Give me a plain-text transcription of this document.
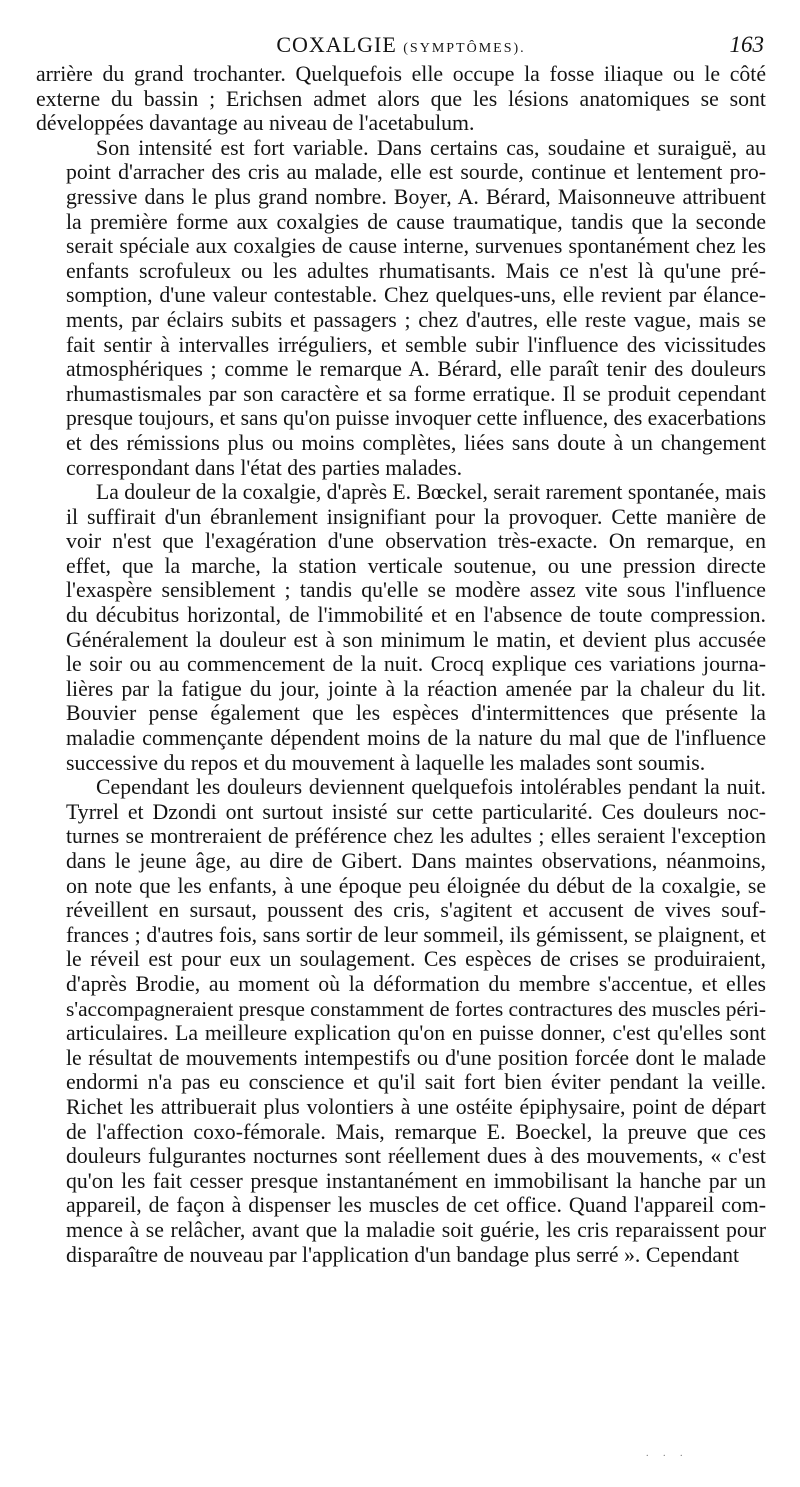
COXALGIE (SYMPTÔMES).	163
arrière du grand trochanter. Quelquefois elle occupe la fosse iliaque ou le côté
externe du bassin ; Erichsen admet alors que les lésions anatomiques se sont
développées davantage au niveau de l'acetabulum.
Son intensité est fort variable. Dans certains cas, soudaine et suraiguë, au
point d'arracher des cris au malade, elle est sourde, continue et lentement pro-
gressive dans le plus grand nombre. Boyer, A. Bérard, Maisonneuve attribuent
la première forme aux coxalgies de cause traumatique, tandis que la seconde
serait spéciale aux coxalgies de cause interne, survenues spontanément chez les
enfants scrofuleux ou les adultes rhumatisants. Mais ce n'est là qu'une pré-
somption, d'une valeur contestable. Chez quelques-uns, elle revient par élance-
ments, par éclairs subits et passagers ; chez d'autres, elle reste vague, mais se
fait sentir à intervalles irréguliers, et semble subir l'influence des vicissitudes
atmosphériques ; comme le remarque A. Bérard, elle paraît tenir des douleurs
rhumastismales par son caractère et sa forme erratique. Il se produit cependant
presque toujours, et sans qu'on puisse invoquer cette influence, des exacerbations
et des rémissions plus ou moins complètes, liées sans doute à un changement
correspondant dans l'état des parties malades.
La douleur de la coxalgie, d'après E. Bœckel, serait rarement spontanée, mais
il suffirait d'un ébranlement insignifiant pour la provoquer. Cette manière de
voir n'est que l'exagération d'une observation très-exacte. On remarque, en
effet, que la marche, la station verticale soutenue, ou une pression directe
l'exaspère sensiblement ; tandis qu'elle se modère assez vite sous l'influence
du décubitus horizontal, de l'immobilité et en l'absence de toute compression.
Généralement la douleur est à son minimum le matin, et devient plus accusée
le soir ou au commencement de la nuit. Crocq explique ces variations journa-
lières par la fatigue du jour, jointe à la réaction amenée par la chaleur du lit.
Bouvier pense également que les espèces d'intermittences que présente la
maladie commençante dépendent moins de la nature du mal que de l'influence
successive du repos et du mouvement à laquelle les malades sont soumis.
Cependant les douleurs deviennent quelquefois intolérables pendant la nuit.
Tyrrel et Dzondi ont surtout insisté sur cette particularité. Ces douleurs noc-
turnes se montreraient de préférence chez les adultes ; elles seraient l'exception
dans le jeune âge, au dire de Gibert. Dans maintes observations, néanmoins,
on note que les enfants, à une époque peu éloignée du début de la coxalgie, se
réveillent en sursaut, poussent des cris, s'agitent et accusent de vives souf-
frances ; d'autres fois, sans sortir de leur sommeil, ils gémissent, se plaignent, et
le réveil est pour eux un soulagement. Ces espèces de crises se produiraient,
d'après Brodie, au moment où la déformation du membre s'accentue, et elles
s'accompagneraient presque constamment de fortes contractures des muscles péri-
articulaires. La meilleure explication qu'on en puisse donner, c'est qu'elles sont
le résultat de mouvements intempestifs ou d'une position forcée dont le malade
endormi n'a pas eu conscience et qu'il sait fort bien éviter pendant la veille.
Richet les attribuerait plus volontiers à une ostéite épiphysaire, point de départ
de l'affection coxo-fémorale. Mais, remarque E. Boeckel, la preuve que ces
douleurs fulgurantes nocturnes sont réellement dues à des mouvements, « c'est
qu'on les fait cesser presque instantanément en immobilisant la hanche par un
appareil, de façon à dispenser les muscles de cet office. Quand l'appareil com-
mence à se relâcher, avant que la maladie soit guérie, les cris reparaissent pour
disparaître de nouveau par l'application d'un bandage plus serré ». Cependant
. . .
